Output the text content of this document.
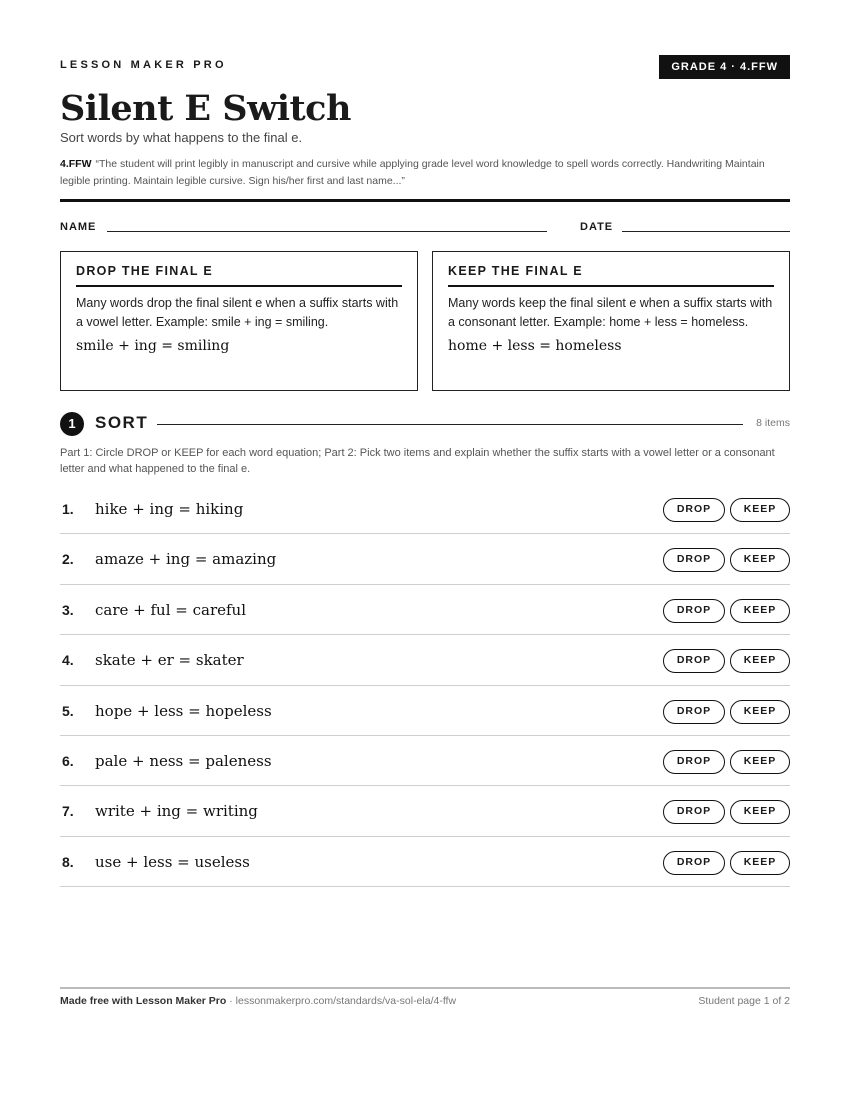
LESSON MAKER PRO	GRADE 4 · 4.FFW
Silent E Switch
Sort words by what happens to the final e.
4.FFW “The student will print legibly in manuscript and cursive while applying grade level word knowledge to spell words correctly. Handwriting Maintain legible printing. Maintain legible cursive. Sign his/her first and last name...”
NAME	DATE
DROP THE FINAL E

Many words drop the final silent e when a suffix starts with a vowel letter. Example: smile + ing = smiling.

smile + ing = smiling
KEEP THE FINAL E

Many words keep the final silent e when a suffix starts with a consonant letter. Example: home + less = homeless.

home + less = homeless
1	SORT	8 items
Part 1: Circle DROP or KEEP for each word equation; Part 2: Pick two items and explain whether the suffix starts with a vowel letter or a consonant letter and what happened to the final e.
1. hike + ing = hiking	DROP	KEEP
2. amaze + ing = amazing	DROP	KEEP
3. care + ful = careful	DROP	KEEP
4. skate + er = skater	DROP	KEEP
5. hope + less = hopeless	DROP	KEEP
6. pale + ness = paleness	DROP	KEEP
7. write + ing = writing	DROP	KEEP
8. use + less = useless	DROP	KEEP
Made free with Lesson Maker Pro · lessonmakerpro.com/standards/va-sol-ela/4-ffw	Student page 1 of 2
